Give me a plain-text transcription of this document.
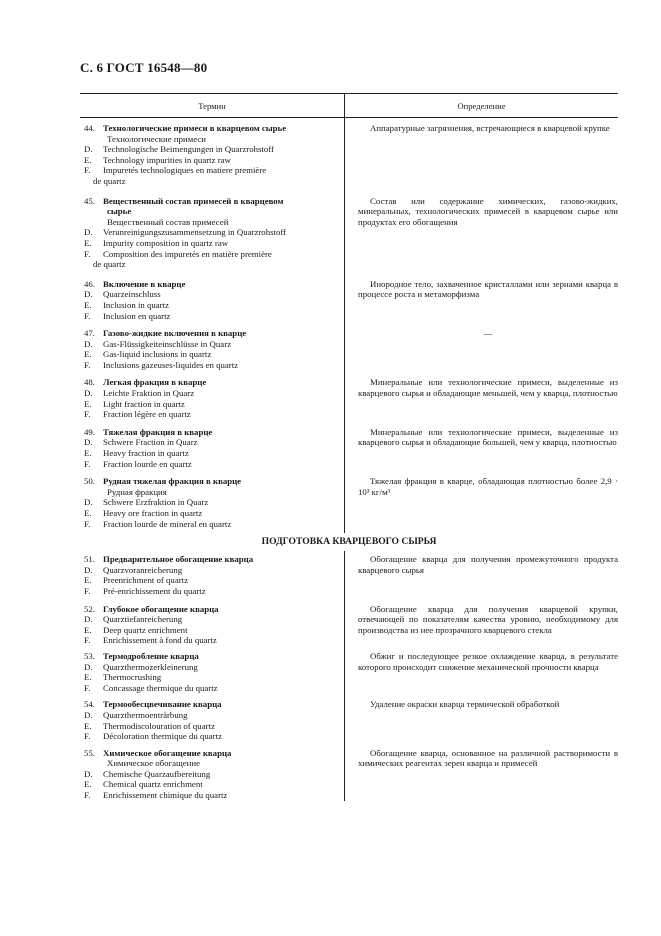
С. 6 ГОСТ 16548—80
Термин	Определение
44. Технологические примеси в кварцевом сырье
Технологические примеси
D. Technologische Beimengungen in Quarzrohstoff
E. Technology impurities in quartz raw
F. Impuretés technologiques en matiere première
de quartz
Аппаратурные загрязнения, встречающиеся в кварцевой крупке
45. Вещественный состав примесей в кварцевом
сырье
Вещественный состав примесей
D. Verunreinigungszusammensetzung in Quarzrohstoff
E. Impurity composition in quartz raw
F. Composition des impuretés en matière première
de quartz
Состав или содержание химических, газово-жидких, минеральных, технологических примесей в кварцевом сырье или продуктах его обогащения
46. Включение в кварце
D. Quarzeinschluss
E. Inclusion in quartz
F. Inclusion en quartz
Инородное тело, захваченное кристаллами или зернами кварца в процессе роста и метаморфизма
47. Газово-жидкие включения в кварце
D. Gas-Flüssigkeiteinschlüsse in Quarz
E. Gas-liquid inclusions in quartz
F. Inclusions gazeuses-liquides en quartz
—
48. Легкая фракция в кварце
D. Leichte Fraktion in Quarz
E. Light fraction in quartz
F. Fraction légère en quartz
Минеральные или технологические примеси, выделенные из кварцевого сырья и обладающие меньшей, чем у кварца, плотностью
49. Тяжелая фракция в кварце
D. Schwere Fraction in Quarz
E. Heavy fraction in quartz
F. Fraction lourde en quartz
Минеральные или технологические примеси, выделенные из кварцевого сырья и обладающие большей, чем у кварца, плотностью
50. Рудная тяжелая фракция в кварце
Рудная фракция
D. Schwere Erzfraktion in Quarz
E. Heavy ore fraction in quartz
F. Fraction lourde de mineral en quartz
Тяжелая фракция в кварце, обладающая плотностью более 2,9 · 10³ кг/м³
ПОДГОТОВКА КВАРЦЕВОГО СЫРЬЯ
51. Предварительное обогащение кварца
D. Quarzvoranreicherung
E. Preenrichment of quartz
F. Pré-enrichissement du quartz
Обогащение кварца для получения промежуточного продукта кварцевого сырья
52. Глубокое обогащение кварца
D. Quarztiefanreicherung
E. Deep quartz enrichment
F. Enrichissement à fond du quartz
Обогащение кварца для получения кварцевой крупки, отвечающей по показателям качества уровню, необходимому для производства из нее прозрачного кварцевого стекла
53. Термодробление кварца
D. Quarzthermozerkleinerung
E. Thermocrushing
F. Concassage thermique du quartz
Обжиг и последующее резкое охлаждение кварца, в результате которого происходит снижение механической прочности кварца
54. Термообесцвечивание кварца
D. Quarzthermoenträrbung
E. Thermodiscolouration of quartz
F. Décoloration thermique du quartz
Удаление окраски кварца термической обработкой
55. Химическое обогащение кварца
Химическое обогащение
D. Chemische Quarzaufbereitung
E. Chemical quartz enrichment
F. Enrichissement chimique du quartz
Обогащение кварца, основанное на различной растворимости в химических реагентах зерен кварца и примесей
